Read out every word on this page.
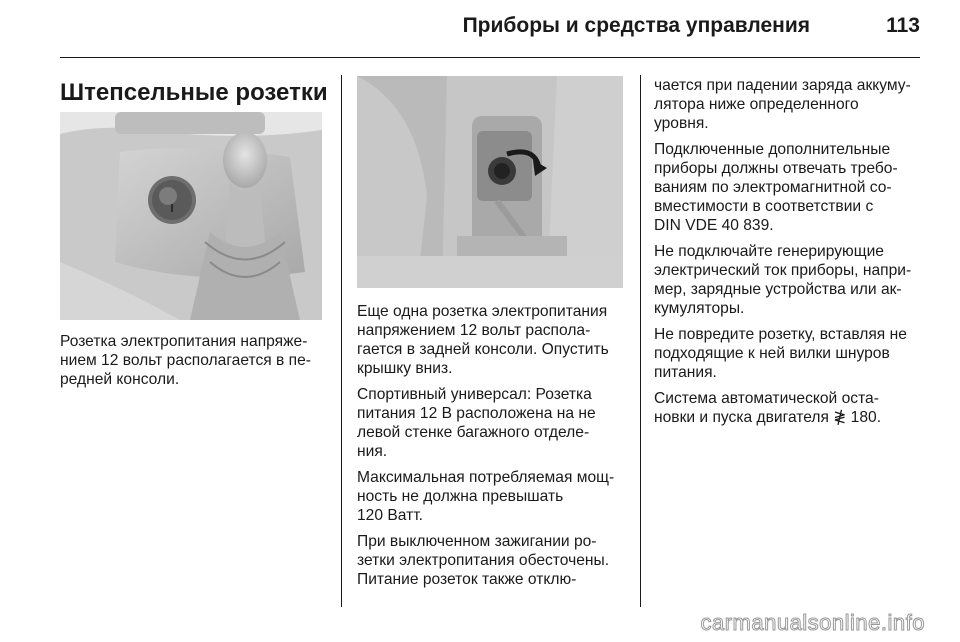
Приборы и средства управления	113
Штепсельные розетки

Розетка электропитания напряже-
нием 12 вольт располагается в пе-
редней консоли.

Еще одна розетка электропитания
напряжением 12 вольт распола-
гается в задней консоли. Опустить
крышку вниз.

Спортивный универсал: Розетка
питания 12 В расположена на не
левой стенке багажного отделе-
ния.

Максимальная потребляемая мощ-
ность не должна превышать
120 Ватт.

При выключенном зажигании ро-
зетки электропитания обесточены.
Питание розеток также отклю-

чается при падении заряда аккуму-
лятора ниже определенного
уровня.

Подключенные дополнительные
приборы должны отвечать требо-
ваниям по электромагнитной со-
вместимости в соответствии с
DIN VDE 40 839.

Не подключайте генерирующие
электрический ток приборы, напри-
мер, зарядные устройства или ак-
кумуляторы.

Не повредите розетку, вставляя не
подходящие к ней вилки шнуров
питания.

Система автоматической оста-
новки и пуска двигателя ≹ 180.

carmanualsonline.info
